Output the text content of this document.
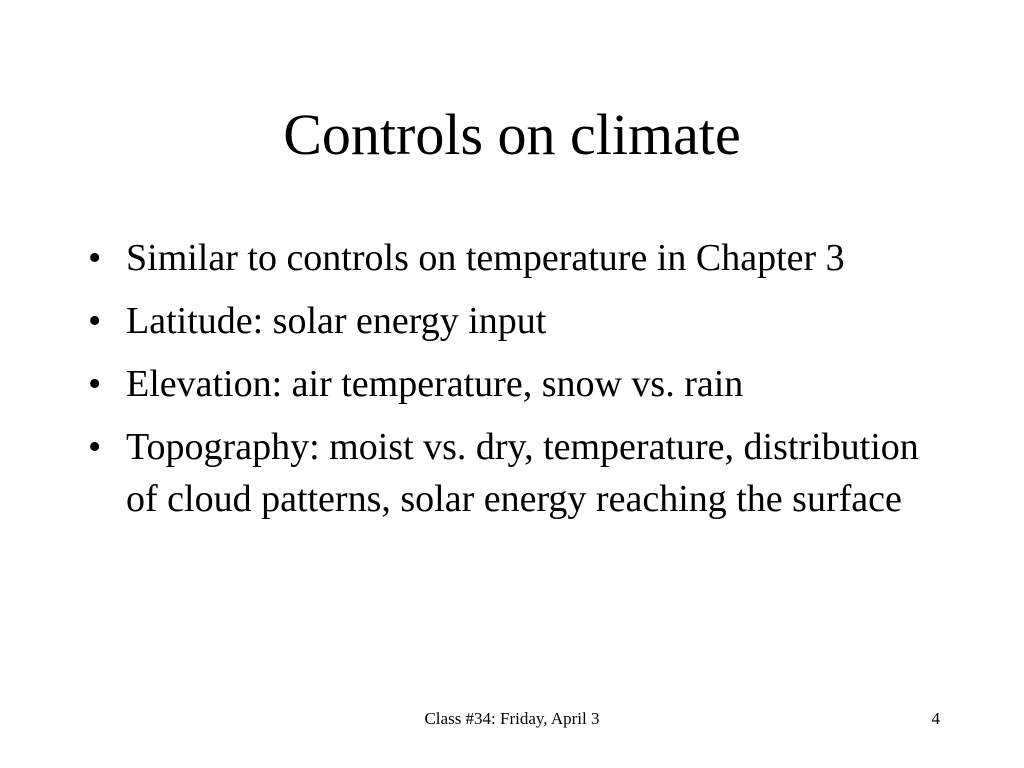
Controls on climate
• Similar to controls on temperature in Chapter 3
• Latitude: solar energy input
• Elevation: air temperature, snow vs. rain
• Topography: moist vs. dry, temperature, distribution of cloud patterns, solar energy reaching the surface
Class #34: Friday, April 3	4
